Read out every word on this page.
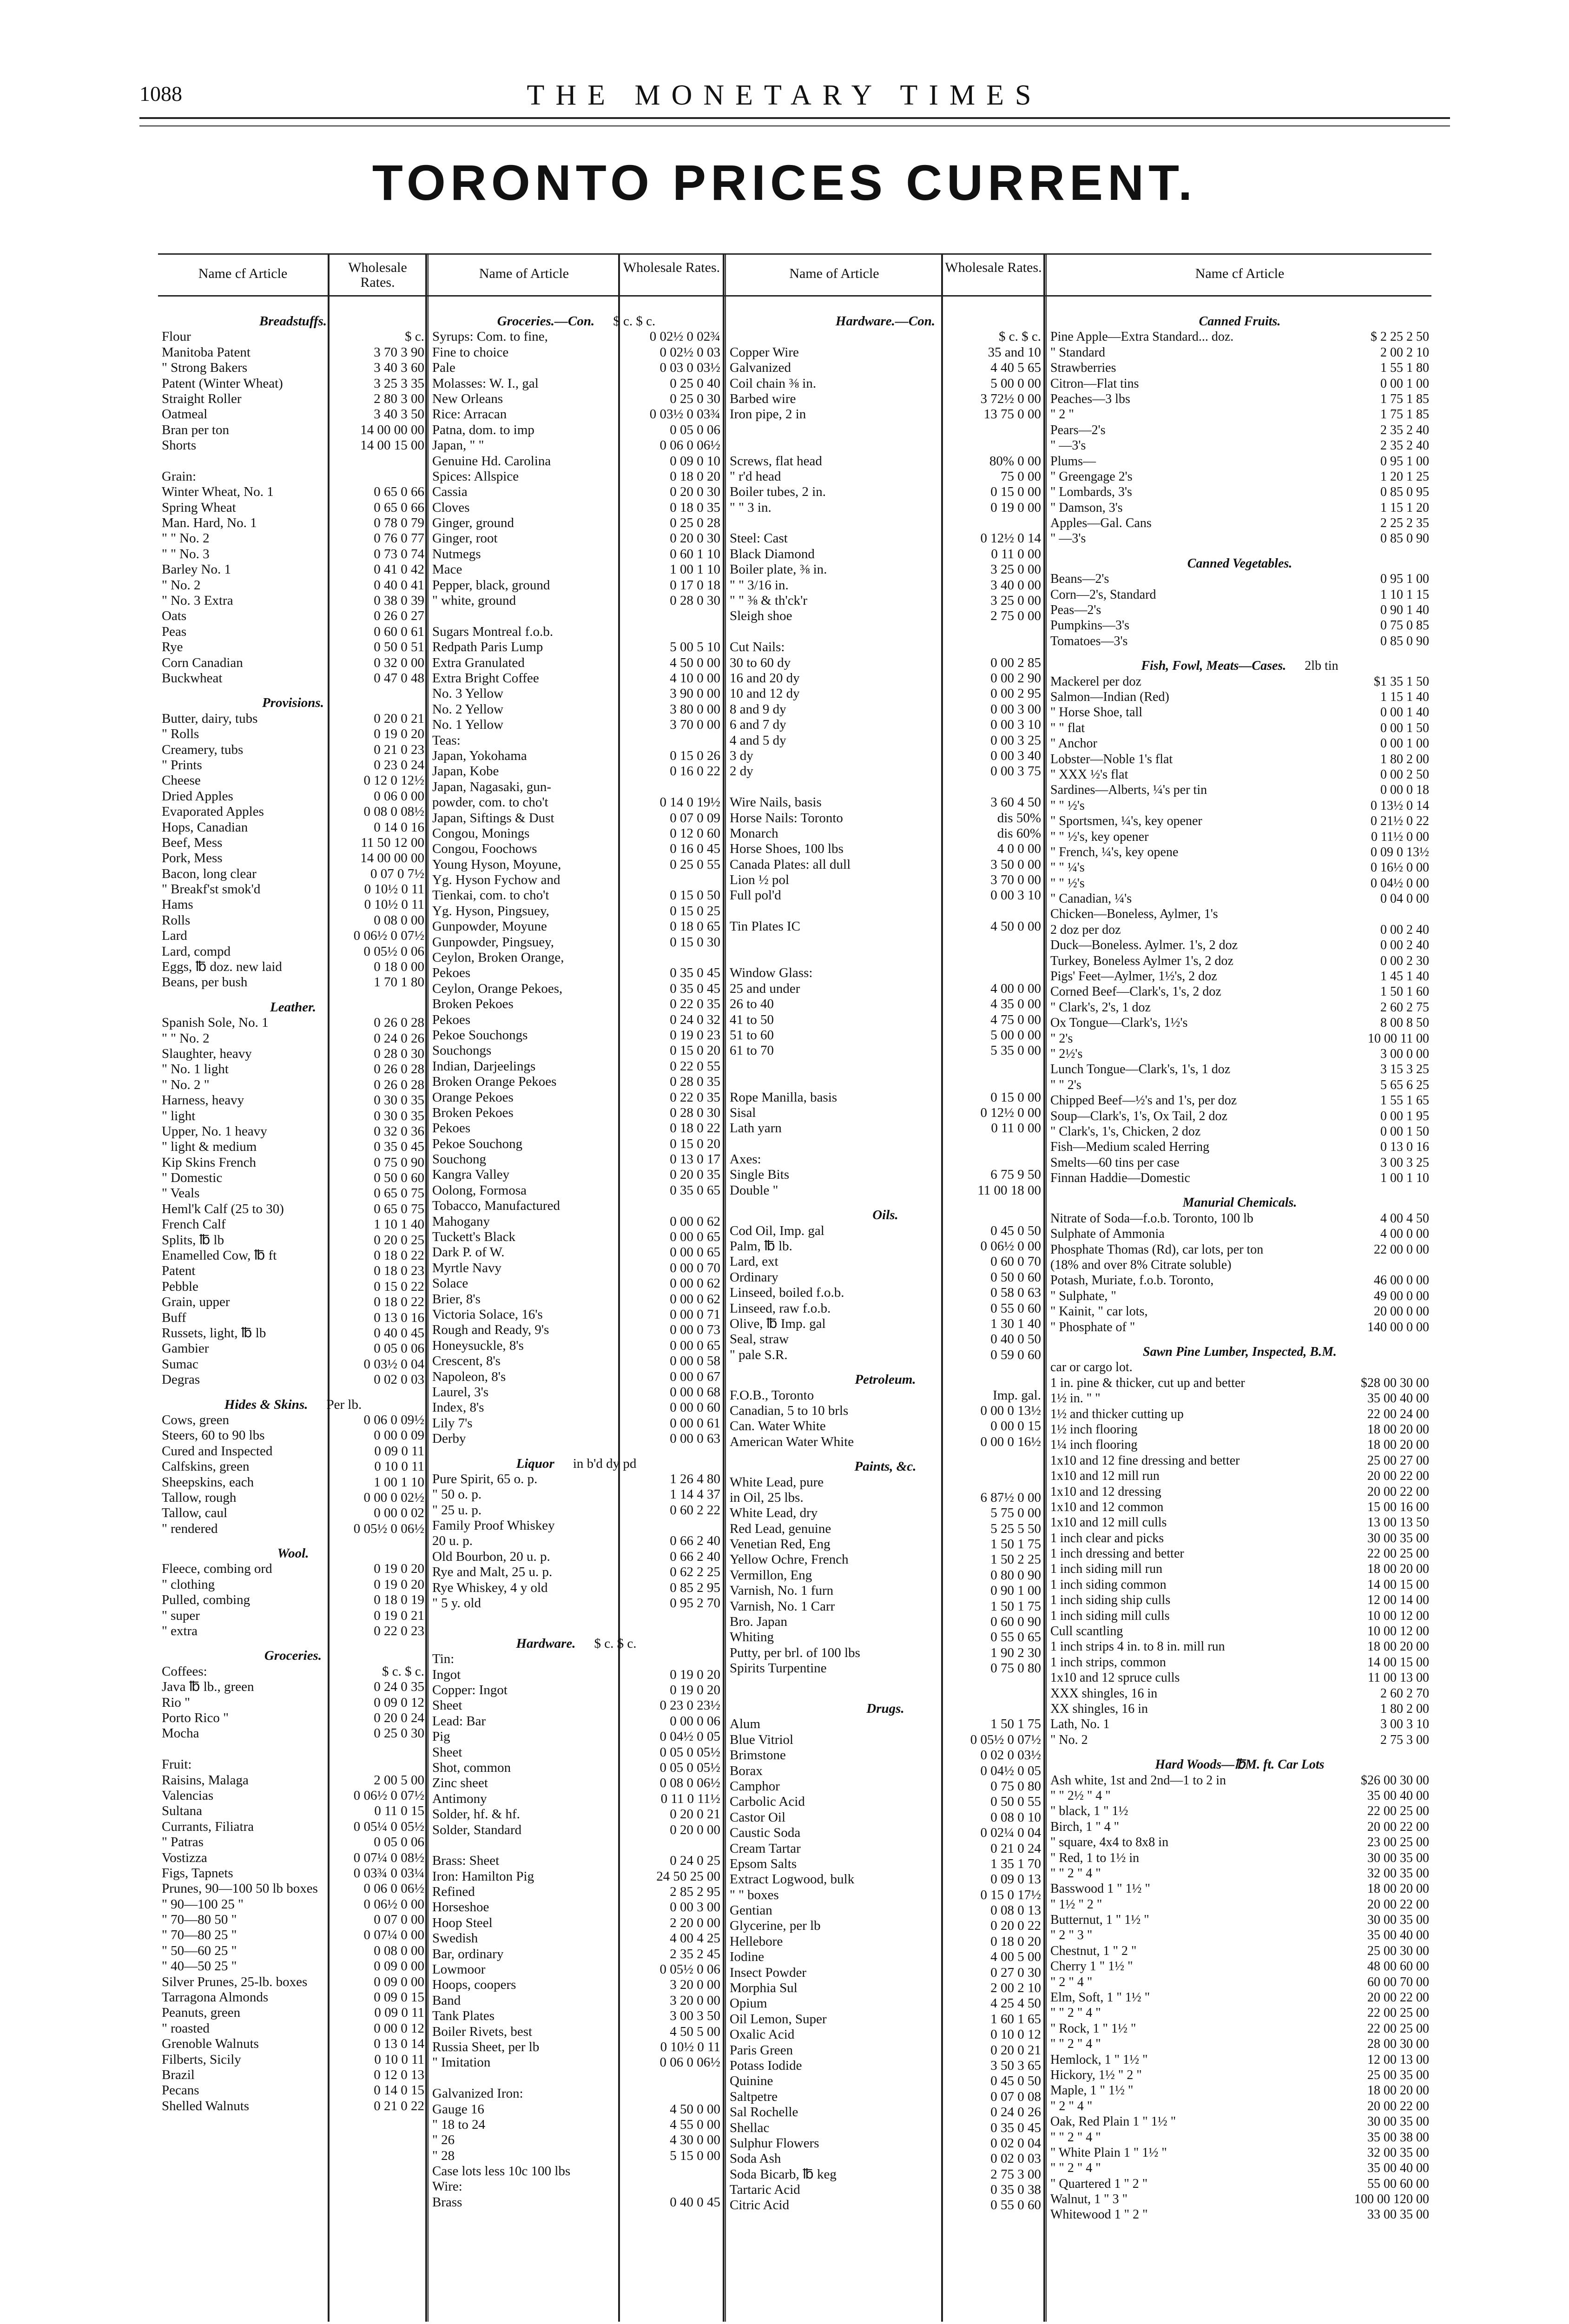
1088	THE MONETARY TIMES
TORONTO PRICES CURRENT.
Name cf Article	Wholesale Rates.
Name of Article	Wholesale Rates.	Name of Article	Wholesale Rates.	Name cf Article
Breadstuffs.
Flour	$ c.
Manitoba Patent	3 70 3 90
" Strong Bakers	3 40 3 60
Patent (Winter Wheat)	3 25 3 35
Straight Roller	2 80 3 00
Oatmeal	3 40 3 50
Bran per ton	14 00 00 00
Shorts	14 00 15 00
Grain:
Winter Wheat, No. 1	0 65 0 66
Spring Wheat	0 65 0 66
Man. Hard, No. 1	0 78 0 79
" " No. 2	0 76 0 77
" " No. 3	0 73 0 74
Barley No. 1	0 41 0 42
" No. 2	0 40 0 41
" No. 3 Extra	0 38 0 39
Oats	0 26 0 27
Peas	0 60 0 61
Rye	0 50 0 51
Corn Canadian	0 32 0 00
Buckwheat	0 47 0 48
Provisions.
Butter, dairy, tubs	0 20 0 21
" Rolls	0 19 0 20
Creamery, tubs	0 21 0 23
" Prints	0 23 0 24
Cheese	0 12 0 12½
Dried Apples	0 06 0 00
Evaporated Apples	0 08 0 08½
Hops, Canadian	0 14 0 16
Beef, Mess	11 50 12 00
Pork, Mess	14 00 00 00
Bacon, long clear	0 07 0 7½
" Breakf'st smok'd	0 10½ 0 11
Hams	0 10½ 0 11
Rolls	0 08 0 00
Lard	0 06½ 0 07½
Lard, compd	0 05½ 0 06
Eggs, ℔ doz. new laid	0 18 0 00
Beans, per bush	1 70 1 80
Leather.
Spanish Sole, No. 1	0 26 0 28
" " No. 2	0 24 0 26
Slaughter, heavy	0 28 0 30
" No. 1 light	0 26 0 28
" No. 2 "	0 26 0 28
Harness, heavy	0 30 0 35
" light	0 30 0 35
Upper, No. 1 heavy	0 32 0 36
" light & medium	0 35 0 45
Kip Skins French	0 75 0 90
" Domestic	0 50 0 60
" Veals	0 65 0 75
Heml'k Calf (25 to 30)	0 65 0 75
French Calf	1 10 1 40
Splits, ℔ lb	0 20 0 25
Enamelled Cow, ℔ ft	0 18 0 22
Patent	0 18 0 23
Pebble	0 15 0 22
Grain, upper	0 18 0 22
Buff	0 13 0 16
Russets, light, ℔ lb	0 40 0 45
Gambier	0 05 0 06
Sumac	0 03½ 0 04
Degras	0 02 0 03
Hides & Skins. Per lb.
Cows, green	0 06 0 09½
Steers, 60 to 90 lbs	0 00 0 09
Cured and Inspected	0 09 0 11
Calfskins, green	0 10 0 11
Sheepskins, each	1 00 1 10
Tallow, rough	0 00 0 02½
Tallow, caul	0 00 0 02
" rendered	0 05½ 0 06½
Wool.
Fleece, combing ord	0 19 0 20
" clothing	0 19 0 20
Pulled, combing	0 18 0 19
" super	0 19 0 21
" extra	0 22 0 23
Groceries.
Coffees:	$ c. $ c.
Java ℔ lb., green	0 24 0 35
Rio "	0 09 0 12
Porto Rico "	0 20 0 24
Mocha	0 25 0 30
Fruit:
Raisins, Malaga	2 00 5 00
Valencias	0 06½ 0 07½
Sultana	0 11 0 15
Currants, Filiatra	0 05¼ 0 05½
" Patras	0 05 0 06
Vostizza	0 07¼ 0 08½
Figs, Tapnets	0 03¾ 0 03¼
Prunes, 90—100 50 lb boxes	0 06 0 06½
" 90—100 25 "	0 06½ 0 00
" 70—80 50 "	0 07 0 00
" 70—80 25 "	0 07¼ 0 00
" 50—60 25 "	0 08 0 00
" 40—50 25 "	0 09 0 00
Silver Prunes, 25-lb. boxes	0 09 0 00
Tarragona Almonds	0 09 0 15
Peanuts, green	0 09 0 11
" roasted	0 00 0 12
Grenoble Walnuts	0 13 0 14
Filberts, Sicily	0 10 0 11
Brazil	0 12 0 13
Pecans	0 14 0 15
Shelled Walnuts	0 21 0 22
Groceries.—Con. $ c. $ c.
Syrups: Com. to fine,	0 02½ 0 02¾
Fine to choice	0 02½ 0 03
Pale	0 03 0 03½
Molasses: W. I., gal	0 25 0 40
New Orleans	0 25 0 30
Rice: Arracan	0 03½ 0 03¾
Patna, dom. to imp	0 05 0 06
Japan, " "	0 06 0 06½
Genuine Hd. Carolina	0 09 0 10
Spices: Allspice	0 18 0 20
Cassia	0 20 0 30
Cloves	0 18 0 35
Ginger, ground	0 25 0 28
Ginger, root	0 20 0 30
Nutmegs	0 60 1 10
Mace	1 00 1 10
Pepper, black, ground	0 17 0 18
" white, ground	0 28 0 30
Sugars Montreal f.o.b.
Redpath Paris Lump	5 00 5 10
Extra Granulated	4 50 0 00
Extra Bright Coffee	4 10 0 00
No. 3 Yellow	3 90 0 00
No. 2 Yellow	3 80 0 00
No. 1 Yellow	3 70 0 00
Teas:
Japan, Yokohama	0 15 0 26
Japan, Kobe	0 16 0 22
Japan, Nagasaki, gun-
powder, com. to cho't	0 14 0 19½
Japan, Siftings & Dust	0 07 0 09
Congou, Monings	0 12 0 60
Congou, Foochows	0 16 0 45
Young Hyson, Moyune,	0 25 0 55
Yg. Hyson Fychow and
Tienkai, com. to cho't	0 15 0 50
Yg. Hyson, Pingsuey,	0 15 0 25
Gunpowder, Moyune	0 18 0 65
Gunpowder, Pingsuey,	0 15 0 30
Ceylon, Broken Orange,
Pekoes	0 35 0 45
Ceylon, Orange Pekoes,	0 35 0 45
Broken Pekoes	0 22 0 35
Pekoes	0 24 0 32
Pekoe Souchongs	0 19 0 23
Souchongs	0 15 0 20
Indian, Darjeelings	0 22 0 55
Broken Orange Pekoes	0 28 0 35
Orange Pekoes	0 22 0 35
Broken Pekoes	0 28 0 30
Pekoes	0 18 0 22
Pekoe Souchong	0 15 0 20
Souchong	0 13 0 17
Kangra Valley	0 20 0 35
Oolong, Formosa	0 35 0 65
Tobacco, Manufactured
Mahogany	0 00 0 62
Tuckett's Black	0 00 0 65
Dark P. of W.	0 00 0 65
Myrtle Navy	0 00 0 70
Solace	0 00 0 62
Brier, 8's	0 00 0 62
Victoria Solace, 16's	0 00 0 71
Rough and Ready, 9's	0 00 0 73
Honeysuckle, 8's	0 00 0 65
Crescent, 8's	0 00 0 58
Napoleon, 8's	0 00 0 67
Laurel, 3's	0 00 0 68
Index, 8's	0 00 0 60
Lily 7's	0 00 0 61
Derby	0 00 0 63
Liquor in b'd dy pd
Pure Spirit, 65 o. p.	1 26 4 80
" 50 o. p.	1 14 4 37
" 25 u. p.	0 60 2 22
Family Proof Whiskey
20 u. p.	0 66 2 40
Old Bourbon, 20 u. p.	0 66 2 40
Rye and Malt, 25 u. p.	0 62 2 25
Rye Whiskey, 4 y old	0 85 2 95
" 5 y. old	0 95 2 70
Hardware. $ c. $ c.
Tin:
Ingot	0 19 0 20
Copper: Ingot	0 19 0 20
Sheet	0 23 0 23½
Lead: Bar	0 00 0 06
Pig	0 04½ 0 05
Sheet	0 05 0 05½
Shot, common	0 05 0 05½
Zinc sheet	0 08 0 06½
Antimony	0 11 0 11½
Solder, hf. & hf.	0 20 0 21
Solder, Standard	0 20 0 00
Brass: Sheet	0 24 0 25
Iron: Hamilton Pig	24 50 25 00
Refined	2 85 2 95
Horseshoe	0 00 3 00
Hoop Steel	2 20 0 00
Swedish	4 00 4 25
Bar, ordinary	2 35 2 45
Lowmoor	0 05½ 0 06
Hoops, coopers	3 20 0 00
Band	3 20 0 00
Tank Plates	3 00 3 50
Boiler Rivets, best	4 50 5 00
Russia Sheet, per lb	0 10½ 0 11
" Imitation	0 06 0 06½
Galvanized Iron:
Gauge 16	4 50 0 00
" 18 to 24	4 55 0 00
" 26	4 30 0 00
" 28	5 15 0 00
Case lots less 10c 100 lbs
Wire:
Brass	0 40 0 45
Hardware.—Con.
$ c. $ c.
Copper Wire	35 and 10
Galvanized	4 40 5 65
Coil chain ⅜ in.	5 00 0 00
Barbed wire	3 72½ 0 00
Iron pipe, 2 in	13 75 0 00
Screws, flat head	80% 0 00
" r'd head	75 0 00
Boiler tubes, 2 in.	0 15 0 00
" " 3 in.	0 19 0 00
Steel: Cast	0 12½ 0 14
Black Diamond	0 11 0 00
Boiler plate, ⅜ in.	3 25 0 00
" " 3/16 in.	3 40 0 00
" " ⅜ & th'ck'r	3 25 0 00
Sleigh shoe	2 75 0 00
Cut Nails:
30 to 60 dy	0 00 2 85
16 and 20 dy	0 00 2 90
10 and 12 dy	0 00 2 95
8 and 9 dy	0 00 3 00
6 and 7 dy	0 00 3 10
4 and 5 dy	0 00 3 25
3 dy	0 00 3 40
2 dy	0 00 3 75
Wire Nails, basis	3 60 4 50
Horse Nails: Toronto	dis 50%
Monarch	dis 60%
Horse Shoes, 100 lbs	4 0 0 00
Canada Plates: all dull	3 50 0 00
Lion ½ pol	3 70 0 00
Full pol'd	0 00 3 10
Tin Plates IC	4 50 0 00
Window Glass:
25 and under	4 00 0 00
26 to 40	4 35 0 00
41 to 50	4 75 0 00
51 to 60	5 00 0 00
61 to 70	5 35 0 00
Rope Manilla, basis	0 15 0 00
Sisal	0 12½ 0 00
Lath yarn	0 11 0 00
Axes:
Single Bits	6 75 9 50
Double "	11 00 18 00
Oils.
Cod Oil, Imp. gal	0 45 0 50
Palm, ℔ lb.	0 06½ 0 00
Lard, ext	0 60 0 70
Ordinary	0 50 0 60
Linseed, boiled f.o.b.	0 58 0 63
Linseed, raw f.o.b.	0 55 0 60
Olive, ℔ Imp. gal	1 30 1 40
Seal, straw	0 40 0 50
" pale S.R.	0 59 0 60
Petroleum.
F.O.B., Toronto	Imp. gal.
Canadian, 5 to 10 brls	0 00 0 13½
Can. Water White	0 00 0 15
American Water White	0 00 0 16½
Paints, &c.
White Lead, pure
in Oil, 25 lbs.	6 87½ 0 00
White Lead, dry	5 75 0 00
Red Lead, genuine	5 25 5 50
Venetian Red, Eng	1 50 1 75
Yellow Ochre, French	1 50 2 25
Vermillon, Eng	0 80 0 90
Varnish, No. 1 furn	0 90 1 00
Varnish, No. 1 Carr	1 50 1 75
Bro. Japan	0 60 0 90
Whiting	0 55 0 65
Putty, per brl. of 100 lbs	1 90 2 30
Spirits Turpentine	0 75 0 80
Drugs.
Alum	1 50 1 75
Blue Vitriol	0 05½ 0 07½
Brimstone	0 02 0 03½
Borax	0 04½ 0 05
Camphor	0 75 0 80
Carbolic Acid	0 50 0 55
Castor Oil	0 08 0 10
Caustic Soda	0 02¼ 0 04
Cream Tartar	0 21 0 24
Epsom Salts	1 35 1 70
Extract Logwood, bulk	0 09 0 13
" " boxes	0 15 0 17½
Gentian	0 08 0 13
Glycerine, per lb	0 20 0 22
Hellebore	0 18 0 20
Iodine	4 00 5 00
Insect Powder	0 27 0 30
Morphia Sul	2 00 2 10
Opium	4 25 4 50
Oil Lemon, Super	1 60 1 65
Oxalic Acid	0 10 0 12
Paris Green	0 20 0 21
Potass Iodide	3 50 3 65
Quinine	0 45 0 50
Saltpetre	0 07 0 08
Sal Rochelle	0 24 0 26
Shellac	0 35 0 45
Sulphur Flowers	0 02 0 04
Soda Ash	0 02 0 03
Soda Bicarb, ℔ keg	2 75 3 00
Tartaric Acid	0 35 0 38
Citric Acid	0 55 0 60
Canned Fruits.
Pine Apple—Extra Standard... doz.	$ 2 25 2 50
" Standard	2 00 2 10
Strawberries	1 55 1 80
Citron—Flat tins	0 00 1 00
Peaches—3 lbs	1 75 1 85
" 2 "	1 75 1 85
Pears—2's	2 35 2 40
" —3's	2 35 2 40
Plums—	0 95 1 00
" Greengage 2's	1 20 1 25
" Lombards, 3's	0 85 0 95
" Damson, 3's	1 15 1 20
Apples—Gal. Cans	2 25 2 35
" —3's	0 85 0 90
Canned Vegetables.
Beans—2's	0 95 1 00
Corn—2's, Standard	1 10 1 15
Peas—2's	0 90 1 40
Pumpkins—3's	0 75 0 85
Tomatoes—3's	0 85 0 90
Fish, Fowl, Meats—Cases. 2lb tin
Mackerel per doz	$1 35 1 50
Salmon—Indian (Red)	1 15 1 40
" Horse Shoe, tall	0 00 1 40
" " flat	0 00 1 50
" Anchor	0 00 1 00
Lobster—Noble 1's flat	1 80 2 00
" XXX ½'s flat	0 00 2 50
Sardines—Alberts, ¼'s per tin	0 00 0 18
" " ½'s	0 13½ 0 14
" Sportsmen, ¼'s, key opener	0 21½ 0 22
" " ½'s, key opener	0 11½ 0 00
" French, ¼'s, key opene	0 09 0 13½
" " ¼'s	0 16½ 0 00
" " ½'s	0 04½ 0 00
" Canadian, ¼'s	0 04 0 00
Chicken—Boneless, Aylmer, 1's
2 doz per doz	0 00 2 40
Duck—Boneless. Aylmer. 1's, 2 doz	0 00 2 40
Turkey, Boneless Aylmer 1's, 2 doz	0 00 2 30
Pigs' Feet—Aylmer, 1½'s, 2 doz	1 45 1 40
Corned Beef—Clark's, 1's, 2 doz	1 50 1 60
" Clark's, 2's, 1 doz	2 60 2 75
Ox Tongue—Clark's, 1½'s	8 00 8 50
" 2's	10 00 11 00
" 2½'s	3 00 0 00
Lunch Tongue—Clark's, 1's, 1 doz	3 15 3 25
" " 2's	5 65 6 25
Chipped Beef—½'s and 1's, per doz	1 55 1 65
Soup—Clark's, 1's, Ox Tail, 2 doz	0 00 1 95
" Clark's, 1's, Chicken, 2 doz	0 00 1 50
Fish—Medium scaled Herring	0 13 0 16
Smelts—60 tins per case	3 00 3 25
Finnan Haddie—Domestic	1 00 1 10
Manurial Chemicals.
Nitrate of Soda—f.o.b. Toronto, 100 lb	4 00 4 50
Sulphate of Ammonia	4 00 0 00
Phosphate Thomas (Rd), car lots, per ton	22 00 0 00
(18% and over 8% Citrate soluble)
Potash, Muriate, f.o.b. Toronto,	46 00 0 00
" Sulphate, "	49 00 0 00
" Kainit, " car lots,	20 00 0 00
" Phosphate of "	140 00 0 00
Sawn Pine Lumber, Inspected, B.M.
car or cargo lot.
1 in. pine & thicker, cut up and better	$28 00 30 00
1½ in. " "	35 00 40 00
1½ and thicker cutting up	22 00 24 00
1½ inch flooring	18 00 20 00
1¼ inch flooring	18 00 20 00
1x10 and 12 fine dressing and better	25 00 27 00
1x10 and 12 mill run	20 00 22 00
1x10 and 12 dressing	20 00 22 00
1x10 and 12 common	15 00 16 00
1x10 and 12 mill culls	13 00 13 50
1 inch clear and picks	30 00 35 00
1 inch dressing and better	22 00 25 00
1 inch siding mill run	18 00 20 00
1 inch siding common	14 00 15 00
1 inch siding ship culls	12 00 14 00
1 inch siding mill culls	10 00 12 00
Cull scantling	10 00 12 00
1 inch strips 4 in. to 8 in. mill run	18 00 20 00
1 inch strips, common	14 00 15 00
1x10 and 12 spruce culls	11 00 13 00
XXX shingles, 16 in	2 60 2 70
XX shingles, 16 in	1 80 2 00
Lath, No. 1	3 00 3 10
" No. 2	2 75 3 00
Hard Woods—℔M. ft. Car Lots
Ash white, 1st and 2nd—1 to 2 in	$26 00 30 00
" " 2½ " 4 "	35 00 40 00
" black, 1 " 1½	22 00 25 00
Birch, 1 " 4 "	20 00 22 00
" square, 4x4 to 8x8 in	23 00 25 00
" Red, 1 to 1½ in	30 00 35 00
" " 2 " 4 "	32 00 35 00
Basswood 1 " 1½ "	18 00 20 00
" 1½ " 2 "	20 00 22 00
Butternut, 1 " 1½ "	30 00 35 00
" 2 " 3 "	35 00 40 00
Chestnut, 1 " 2 "	25 00 30 00
Cherry 1 " 1½ "	48 00 60 00
" 2 " 4 "	60 00 70 00
Elm, Soft, 1 " 1½ "	20 00 22 00
" " 2 " 4 "	22 00 25 00
" Rock, 1 " 1½ "	22 00 25 00
" " 2 " 4 "	28 00 30 00
Hemlock, 1 " 1½ "	12 00 13 00
Hickory, 1½ " 2 "	25 00 35 00
Maple, 1 " 1½ "	18 00 20 00
" 2 " 4 "	20 00 22 00
Oak, Red Plain 1 " 1½ "	30 00 35 00
" " 2 " 4 "	35 00 38 00
" White Plain 1 " 1½ "	32 00 35 00
" " 2 " 4 "	35 00 40 00
" Quartered 1 " 2 "	55 00 60 00
Walnut, 1 " 3 "	100 00 120 00
Whitewood 1 " 2 "	33 00 35 00
